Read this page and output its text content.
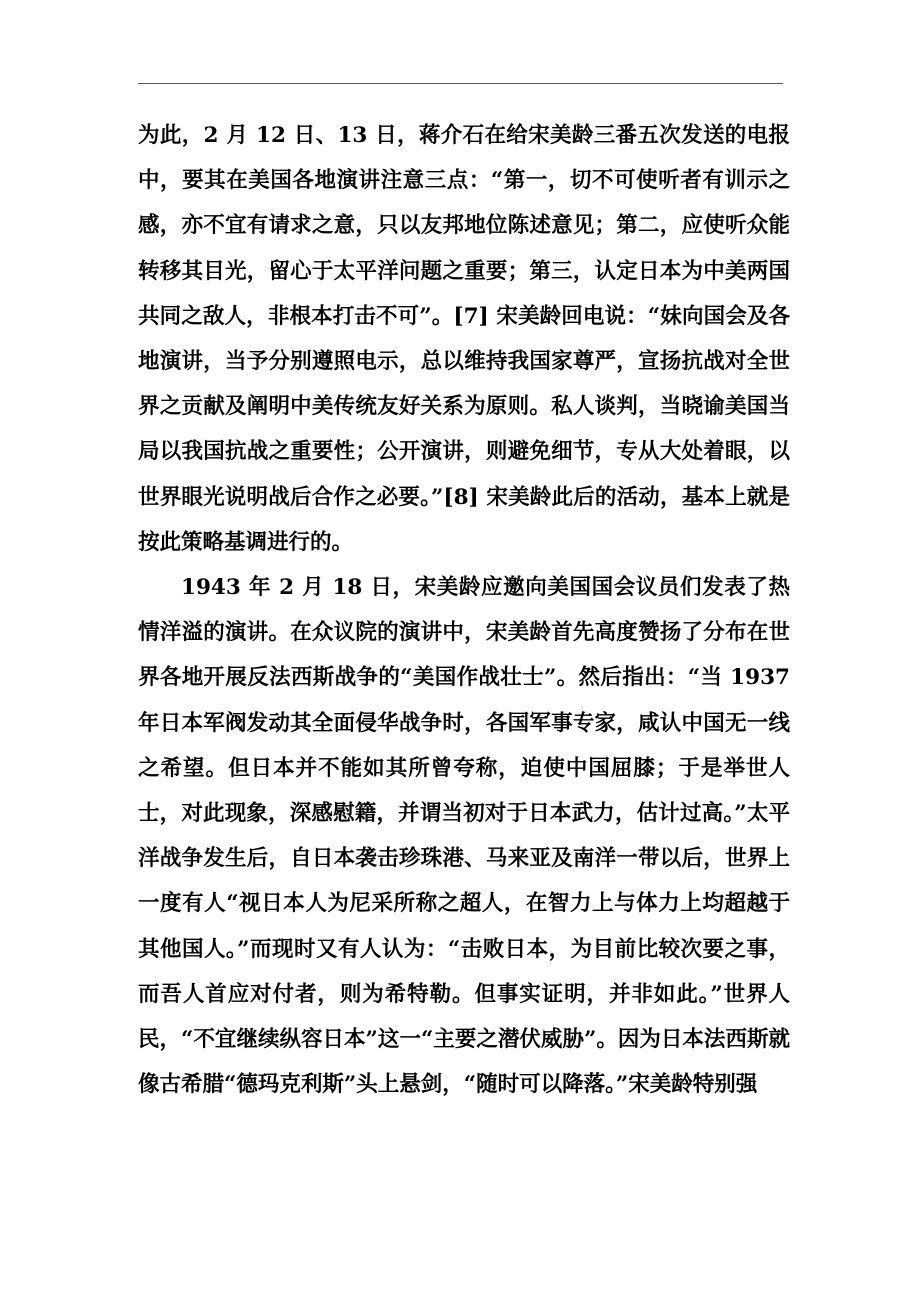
为此，2 月 12 日、13 日，蒋介石在给宋美龄三番五次发送的电报中，要其在美国各地演讲注意三点：“第一，切不可使听者有训示之感，亦不宜有请求之意，只以友邦地位陈述意见；第二，应使听众能转移其目光，留心于太平洋问题之重要；第三，认定日本为中美两国共同之敌人，非根本打击不可”。[7] 宋美龄回电说：“妹向国会及各地演讲，当予分别遵照电示，总以维持我国家尊严，宣扬抗战对全世界之贡献及阐明中美传统友好关系为原则。私人谈判，当晓谕美国当局以我国抗战之重要性；公开演讲，则避免细节，专从大处着眼，以世界眼光说明战后合作之必要。”[8] 宋美龄此后的活动，基本上就是按此策略基调进行的。

1943 年 2 月 18 日，宋美龄应邀向美国国会议员们发表了热情洋溢的演讲。在众议院的演讲中，宋美龄首先高度赞扬了分布在世界各地开展反法西斯战争的“美国作战壮士”。然后指出：“当 1937 年日本军阀发动其全面侵华战争时，各国军事专家，咸认中国无一线之希望。但日本并不能如其所曾夸称，迫使中国屈膝；于是举世人士，对此现象，深感慰籍，并谓当初对于日本武力，估计过高。”太平洋战争发生后，自日本袭击珍珠港、马来亚及南洋一带以后，世界上一度有人“视日本人为尼采所称之超人，在智力上与体力上均超越于其他国人。”而现时又有人认为：“击败日本，为目前比较次要之事，而吾人首应对付者，则为希特勒。但事实证明，并非如此。”世界人民，“不宜继续纵容日本”这一“主要之潜伏威胁”。因为日本法西斯就像古希腊“德玛克利斯”头上悬剑，“随时可以降落。”宋美龄特别强
